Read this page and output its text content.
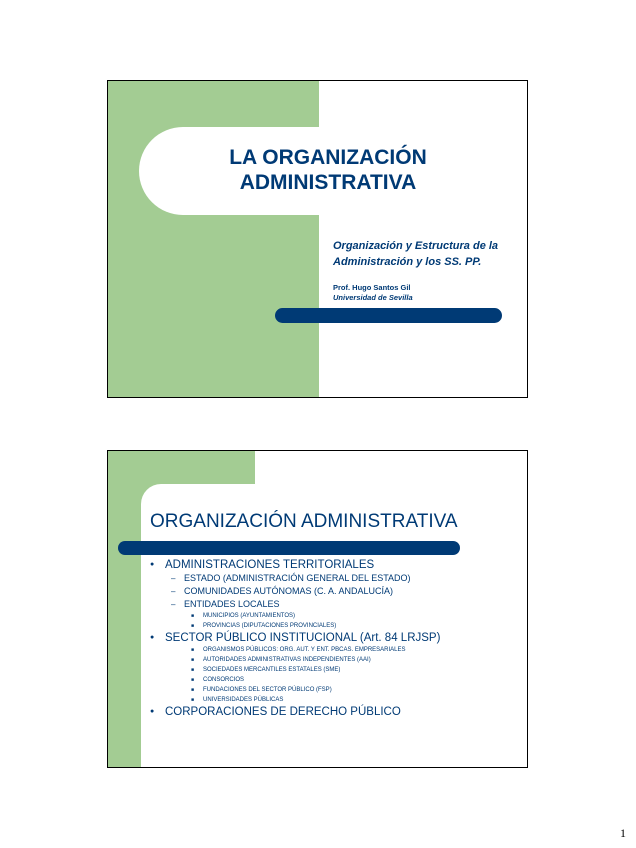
LA ORGANIZACIÓN
ADMINISTRATIVA
Organización y Estructura de la
Administración y los SS. PP.
Prof. Hugo Santos Gil
Universidad de Sevilla
ORGANIZACIÓN ADMINISTRATIVA
● ADMINISTRACIONES TERRITORIALES
– ESTADO (ADMINISTRACIÓN GENERAL DEL ESTADO)
– COMUNIDADES AUTÓNOMAS (C. A. ANDALUCÍA)
– ENTIDADES LOCALES
■ MUNICIPIOS (AYUNTAMIENTOS)
■ PROVINCIAS (DIPUTACIONES PROVINCIALES)
● SECTOR PÚBLICO INSTITUCIONAL (Art. 84 LRJSP)
■ ORGANISMOS PÚBLICOS: ORG. AUT. Y ENT. PBCAS. EMPRESARIALES
■ AUTORIDADES ADMINISTRATIVAS INDEPENDIENTES (AAI)
■ SOCIEDADES MERCANTILES ESTATALES (SME)
■ CONSORCIOS
■ FUNDACIONES DEL SECTOR PÚBLICO (FSP)
■ UNIVERSIDADES PÚBLICAS
● CORPORACIONES DE DERECHO PÚBLICO
1
